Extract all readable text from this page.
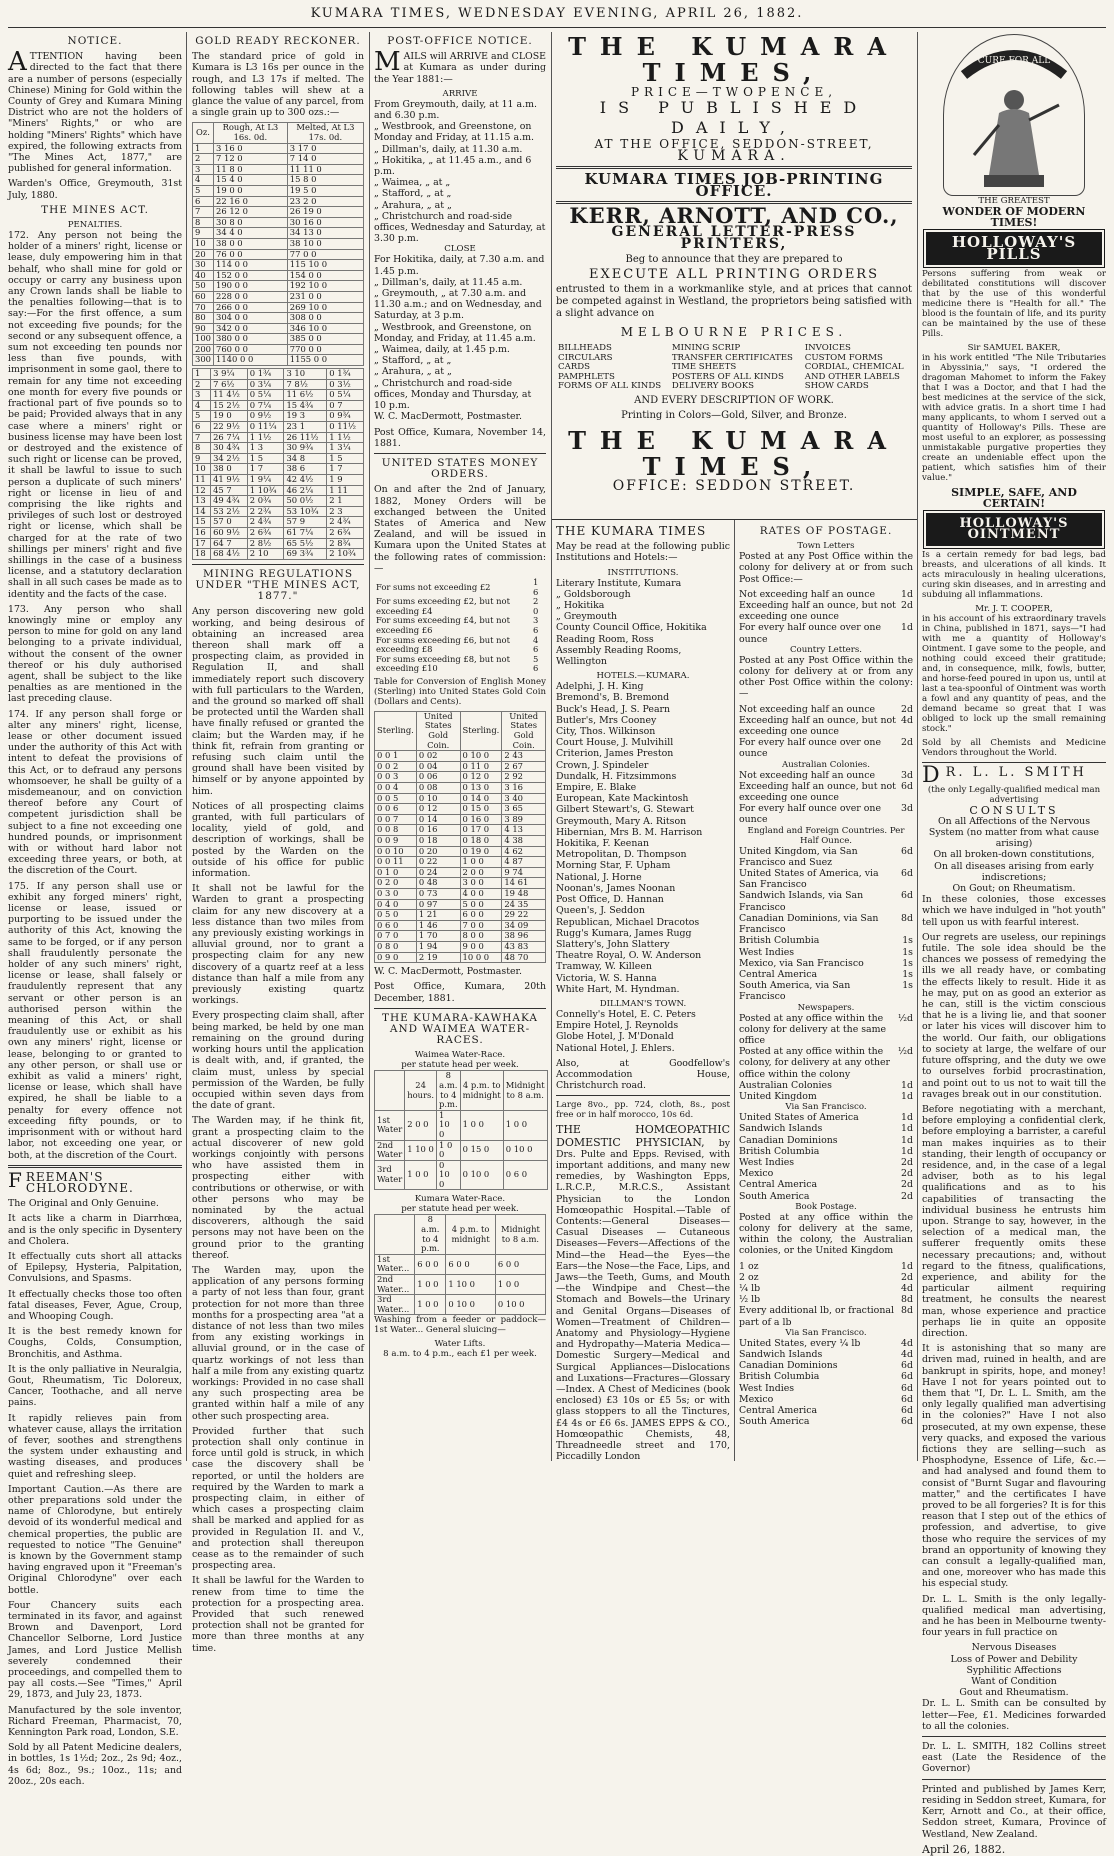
KUMARA TIMES, WEDNESDAY EVENING, APRIL 26, 1882.
NOTICE.

ATTENTION having been directed to the fact that there are a number of persons (especially Chinese) Mining for Gold within the County of Grey and Kumara Mining District who are not the holders of "Miners' Rights," or who are holding "Miners' Rights" which have expired, the following extracts from "The Mines Act, 1877," are published for general information.

Warden's Office, Greymouth, 31st July, 1880.

THE MINES ACT.
PENALTIES.

172. Any person not being the holder of a miners' right, license or lease, duly empowering him in that behalf, who shall mine for gold or occupy or carry any business upon any Crown lands shall be liable to the penalties following—that is to say:—For the first offence, a sum not exceeding five pounds; for the second or any subsequent offence, a sum not exceeding ten pounds nor less than five pounds, with imprisonment in some gaol, there to remain for any time not exceeding one month for every five pounds or fractional part of five pounds so to be paid; Provided always that in any case where a miners' right or business license may have been lost or destroyed and the existence of such right or license can be proved, it shall be lawful to issue to such person a duplicate of such miners' right or license in lieu of and comprising the like rights and privileges of such lost or destroyed right or license, which shall be charged for at the rate of two shillings per miners' right and five shillings in the case of a business license, and a statutory declaration shall in all such cases be made as to identity and the facts of the case.

173. Any person who shall knowingly mine or employ any person to mine for gold on any land belonging to a private individual, without the consent of the owner thereof or his duly authorised agent, shall be subject to the like penalties as are mentioned in the last preceding clause.

174. If any person shall forge or alter any miners' right, license, lease or other document issued under the authority of this Act with intent to defeat the provisions of this Act, or to defraud any persons whomsoever, he shall be guilty of a misdemeanour, and on conviction thereof before any Court of competent jurisdiction shall be subject to a fine not exceeding one hundred pounds, or imprisonment with or without hard labor not exceeding three years, or both, at the discretion of the Court.

175. If any person shall use or exhibit any forged miners' right, license or lease, issued or purporting to be issued under the authority of this Act, knowing the same to be forged, or if any person shall fraudulently personate the holder of any such miners' right, license or lease, shall falsely or fraudulently represent that any servant or other person is an authorised person within the meaning of this Act, or shall fraudulently use or exhibit as his own any miners' right, license or lease, belonging to or granted to any other person, or shall use or exhibit as valid a miners' right, license or lease, which shall have expired, he shall be liable to a penalty for every offence not exceeding fifty pounds, or to imprisonment with or without hard labor, not exceeding one year, or both, at the discretion of the Court.

FREEMAN'S CHLORODYNE.

The Original and Only Genuine.

It acts like a charm in Diarrhœa, and is the only specific in Dysentery and Cholera.

It effectually cuts short all attacks of Epilepsy, Hysteria, Palpitation, Convulsions, and Spasms.

It effectually checks those too often fatal diseases, Fever, Ague, Croup, and Whooping Cough.

It is the best remedy known for Coughs, Colds, Consumption, Bronchitis, and Asthma.

It is the only palliative in Neuralgia, Gout, Rheumatism, Tic Doloreux, Cancer, Toothache, and all nerve pains.

It rapidly relieves pain from whatever cause, allays the irritation of fever, soothes and strengthens the system under exhausting and wasting diseases, and produces quiet and refreshing sleep.

Important Caution.—As there are other preparations sold under the name of Chlorodyne, but entirely devoid of its wonderful medical and chemical properties, the public are requested to notice "The Genuine" is known by the Government stamp having engraved upon it "Freeman's Original Chlorodyne" over each bottle.

Four Chancery suits each terminated in its favor, and against Brown and Davenport, Lord Chancellor Selborne, Lord Justice James, and Lord Justice Mellish severely condemned their proceedings, and compelled them to pay all costs.—See "Times," April 29, 1873, and July 23, 1873.

Manufactured by the sole inventor, Richard Freeman, Pharmacist, 70, Kennington Park road, London, S.E.

Sold by all Patent Medicine dealers, in bottles, 1s 1½d; 2oz., 2s 9d; 4oz., 4s 6d; 8oz., 9s.; 10oz., 11s; and 20oz., 20s each.

GOLD READY RECKONER.

The standard price of gold in Kumara is L3 16s per ounce in the rough, and L3 17s if melted. The following tables will shew at a glance the value of any parcel, from a single grain up to 300 ozs.:—

Oz.	Rough, At L3 16s. 0d.	Melted, At L3 17s. 0d.
1	3 16 0	3 17 0
2	7 12 0	7 14 0
3	11 8 0	11 11 0
4	15 4 0	15 8 0
5	19 0 0	19 5 0
6	22 16 0	23 2 0
7	26 12 0	26 19 0
8	30 8 0	30 16 0
9	34 4 0	34 13 0
10	38 0 0	38 10 0
20	76 0 0	77 0 0
30	114 0 0	115 10 0
40	152 0 0	154 0 0
50	190 0 0	192 10 0
60	228 0 0	231 0 0
70	266 0 0	269 10 0
80	304 0 0	308 0 0
90	342 0 0	346 10 0
100	380 0 0	385 0 0
200	760 0 0	770 0 0
300	1140 0 0	1155 0 0
1	3 9¼	0 1¾	3 10	0 1¾
2	7 6½	0 3¼	7 8½	0 3½
3	11 4½	0 5¼	11 6½	0 5¼
4	15 2½	0 7¼	15 4¾	0 7
5	19 0	0 9½	19 3	0 9¾
6	22 9½	0 11¼	23 1	0 11½
7	26 7¼	1 1½	26 11½	1 1½
8	30 4¾	1 3	30 9¾	1 3¼
9	34 2½	1 5	34 8	1 5
10	38 0	1 7	38 6	1 7
11	41 9½	1 9¼	42 4½	1 9
12	45 7	1 10¾	46 2¼	1 11
13	49 4¾	2 0¾	50 0½	2 1
14	53 2½	2 2¾	53 10¾	2 3
15	57 0	2 4¾	57 9	2 4¾
16	60 9½	2 6¾	61 7¼	2 6¾
17	64 7	2 8½	65 5½	2 8¾
18	68 4½	2 10	69 3¾	2 10¾
MINING REGULATIONS UNDER "THE MINES ACT, 1877."

Any person discovering new gold working, and being desirous of obtaining an increased area thereon shall mark off a prospecting claim, as provided in Regulation II, and shall immediately report such discovery with full particulars to the Warden, and the ground so marked off shall be protected until the Warden shall have finally refused or granted the claim; but the Warden may, if he think fit, refrain from granting or refusing such claim until the ground shall have been visited by himself or by anyone appointed by him.

Notices of all prospecting claims granted, with full particulars of locality, yield of gold, and description of workings, shall be posted by the Warden on the outside of his office for public information.

It shall not be lawful for the Warden to grant a prospecting claim for any new discovery at a less distance than two miles from any previously existing workings in alluvial ground, nor to grant a prospecting claim for any new discovery of a quartz reef at a less distance than half a mile from any previously existing quartz workings.

Every prospecting claim shall, after being marked, be held by one man remaining on the ground during working hours until the application is dealt with, and, if granted, the claim must, unless by special permission of the Warden, be fully occupied within seven days from the date of grant.

The Warden may, if he think fit, grant a prospecting claim to the actual discoverer of new gold workings conjointly with persons who have assisted them in prospecting either with contributions or otherwise, or with other persons who may be nominated by the actual discoverers, although the said persons may not have been on the ground prior to the granting thereof.

The Warden may, upon the application of any persons forming a party of not less than four, grant protection for not more than three months for a prospecting area "at a distance of not less than two miles from any existing workings in alluvial ground, or in the case of quartz workings of not less than half a mile from any existing quartz workings: Provided in no case shall any such prospecting area be granted within half a mile of any other such prospecting area.

Provided further that such protection shall only continue in force until gold is struck, in which case the discovery shall be reported, or until the holders are required by the Warden to mark a prospecting claim, in either of which cases a prospecting claim shall be marked and applied for as provided in Regulation II. and V., and protection shall thereupon cease as to the remainder of such prospecting area.

It shall be lawful for the Warden to renew from time to time the protection for a prospecting area. Provided that such renewed protection shall not be granted for more than three months at any time.

POST-OFFICE NOTICE.

MAILS will ARRIVE and CLOSE at Kumara as under during the Year 1881:—

ARRIVE
From Greymouth, daily, at 11 a.m. and 6.30 p.m.
„ Westbrook, and Greenstone, on Monday and Friday, at 11.15 a.m.
„ Dillman's, daily, at 11.30 a.m.
„ Hokitika, „ at 11.45 a.m., and 6 p.m.
„ Waimea, „ at „
„ Stafford, „ at „
„ Arahura, „ at „
„ Christchurch and road-side offices, Wednesday and Saturday, at 3.30 p.m.
CLOSE
For Hokitika, daily, at 7.30 a.m. and 1.45 p.m.
„ Dillman's, daily, at 11.45 a.m.
„ Greymouth, „ at 7.30 a.m. and 11.30 a.m.; and on Wednesday, and Saturday, at 3 p.m.
„ Westbrook, and Greenstone, on Monday, and Friday, at 11.45 a.m.
„ Waimea, daily, at 1.45 p.m.
„ Stafford, „ at „
„ Arahura, „ at „
„ Christchurch and road-side offices, Monday and Thursday, at 10 p.m.

W. C. MacDermott, Postmaster.

Post Office, Kumara, November 14, 1881.

UNITED STATES MONEY ORDERS.

On and after the 2nd of January, 1882, Money Orders will be exchanged between the United States of America and New Zealand, and will be issued in Kumara upon the United States at the following rates of commission:—

For sums not exceeding £2	1 6
For sums exceeding £2, but not exceeding £4	2 0
For sums exceeding £4, but not exceeding £6	3 6
For sums exceeding £6, but not exceeding £8	4 6
For sums exceeding £8, but not exceeding £10	5 6

Table for Conversion of English Money (Sterling) into United States Gold Coin (Dollars and Cents).

Sterling.	United States Gold Coin.	Sterling.	United States Gold Coin.
0 0 1	0 02	0 10 0	2 43
0 0 2	0 04	0 11 0	2 67
0 0 3	0 06	0 12 0	2 92
0 0 4	0 08	0 13 0	3 16
0 0 5	0 10	0 14 0	3 40
0 0 6	0 12	0 15 0	3 65
0 0 7	0 14	0 16 0	3 89
0 0 8	0 16	0 17 0	4 13
0 0 9	0 18	0 18 0	4 38
0 0 10	0 20	0 19 0	4 62
0 0 11	0 22	1 0 0	4 87
0 1 0	0 24	2 0 0	9 74
0 2 0	0 48	3 0 0	14 61
0 3 0	0 73	4 0 0	19 48
0 4 0	0 97	5 0 0	24 35
0 5 0	1 21	6 0 0	29 22
0 6 0	1 46	7 0 0	34 09
0 7 0	1 70	8 0 0	38 96
0 8 0	1 94	9 0 0	43 83
0 9 0	2 19	10 0 0	48 70

W. C. MacDermott, Postmaster.

Post Office, Kumara, 20th December, 1881.

THE KUMARA-KAWHAKA AND WAIMEA WATER-RACES.
Waimea Water-Race.
per statute head per week.
	24 hours.	8 a.m. to 4 p.m.	4 p.m. to midnight	Midnight to 8 a.m.
1st Water	2 0 0	1 10 0	1 0 0	1 0 0
2nd Water	1 10 0	1 0 0	0 15 0	0 10 0
3rd Water	1 0 0	0 10 0	0 10 0	0 6 0
Kumara Water-Race.
per statute head per week.
	8 a.m. to 4 p.m.	4 p.m. to midnight	Midnight to 8 a.m.
1st Water...	6 0 0	6 0 0	6 0 0
2nd Water...	1 0 0	1 10 0	1 0 0
3rd Water...	1 0 0	0 10 0	0 10 0

Washing from a feeder or paddock— 1st Water... General sluicing—

Water Lifts.
8 a.m. to 4 p.m., each £1 per week.
THE KUMARA TIMES,
PRICE—TWOPENCE,
IS PUBLISHED DAILY,
AT THE OFFICE, SEDDON-STREET,
KUMARA.
KUMARA TIMES JOB-PRINTING OFFICE.
KERR, ARNOTT, AND CO.,
GENERAL LETTER-PRESS PRINTERS,
Beg to announce that they are prepared to
EXECUTE ALL PRINTING ORDERS

entrusted to them in a workmanlike style, and at prices that cannot be competed against in Westland, the proprietors being satisfied with a slight advance on

MELBOURNE PRICES.
BILLHEADS	MINING SCRIP	INVOICES
CIRCULARS	TRANSFER CERTIFICATES	CUSTOM FORMS
CARDS	TIME SHEETS	CORDIAL, CHEMICAL
PAMPHLETS	POSTERS OF ALL KINDS	AND OTHER LABELS
FORMS OF ALL KINDS	DELIVERY BOOKS	SHOW CARDS
AND EVERY DESCRIPTION OF WORK.
Printing in Colors—Gold, Silver, and Bronze.
THE KUMARA TIMES,
OFFICE: SEDDON STREET.
THE KUMARA TIMES

May be read at the following public Institutions and Hotels:—

INSTITUTIONS.
Literary Institute, Kumara
„ Goldsborough
„ Hokitika
„ Greymouth
County Council Office, Hokitika
Reading Room, Ross
Assembly Reading Rooms, Wellington
HOTELS.—KUMARA.
Adelphi, J. H. King
Bremond's, B. Bremond
Buck's Head, J. S. Pearn
Butler's, Mrs Cooney
City, Thos. Wilkinson
Court House, J. Mulvihill
Criterion, James Preston
Crown, J. Spindeler
Dundalk, H. Fitzsimmons
Empire, E. Blake
European, Kate Mackintosh
Gilbert Stewart's, G. Stewart
Greymouth, Mary A. Ritson
Hibernian, Mrs B. M. Harrison
Hokitika, F. Keenan
Metropolitan, D. Thompson
Morning Star, F. Upham
National, J. Horne
Noonan's, James Noonan
Post Office, D. Hannan
Queen's, J. Seddon
Republican, Michael Dracotos
Rugg's Kumara, James Rugg
Slattery's, John Slattery
Theatre Royal, O. W. Anderson
Tramway, W. Killeen
Victoria, W. S. Hanna
White Hart, M. Hyndman.
DILLMAN'S TOWN.
Connelly's Hotel, E. C. Peters
Empire Hotel, J. Reynolds
Globe Hotel, J. M'Donald
National Hotel, J. Ehlers.

Also, at Goodfellow's Accommodation House, Christchurch road.

Large 8vo., pp. 724, cloth, 8s., post free or in half morocco, 10s 6d.

THE HOMŒOPATHIC DOMESTIC PHYSICIAN, by Drs. Pulte and Epps. Revised, with important additions, and many new remedies, by Washington Epps, L.R.C.P., M.R.C.S., Assistant Physician to the London Homœopathic Hospital.—Table of Contents:—General Diseases—Casual Diseases — Cutaneous Diseases—Fevers—Affections of the Mind—the Head—the Eyes—the Ears—the Nose—the Face, Lips, and Jaws—the Teeth, Gums, and Mouth—the Windpipe and Chest—the Stomach and Bowels—the Urinary and Genital Organs—Diseases of Women—Treatment of Children—Anatomy and Physiology—Hygiene and Hydropathy—Materia Medica—Domestic Surgery—Medical and Surgical Appliances—Dislocations and Luxations—Fractures—Glossary—Index. A Chest of Medicines (book enclosed) £3 10s or £5 5s; or with glass stoppers to all the Tinctures, £4 4s or £6 6s. JAMES EPPS & CO., Homœopathic Chemists, 48, Threadneedle street and 170, Piccadilly London

RATES OF POSTAGE.
Town Letters

Posted at any Post Office within the colony for delivery at or from such Post Office:—

Not exceeding half an ounce	1d
Exceeding half an ounce, but not exceeding one ounce
2d
For every half ounce over one ounce
1d
Country Letters.

Posted at any Post Office within the colony for delivery at or from any other Post Office within the colony:—

Not exceeding half an ounce	2d
Exceeding half an ounce, but not exceeding one ounce
4d
For every half ounce over one ounce
2d
Australian Colonies.
Not exceeding half an ounce	3d
Exceeding half an ounce, but not exceeding one ounce
6d
For every half ounce over one ounce
3d
England and Foreign Countries. Per Half Ounce.
United Kingdom, via San Francisco and Suez
6d
United States of America, via San Francisco
6d
Sandwich Islands, via San Francisco
6d
Canadian Dominions, via San Francisco
8d
British Columbia	1s
West Indies	1s
Mexico, via San Francisco	1s
Central America	1s
South America, via San Francisco
1s
Newspapers.
Posted at any office within the colony for delivery at the same office
½d
Posted at any office within the colony, for delivery at any other office within the colony
½d
Australian Colonies	1d
United Kingdom	1d
Via San Francisco.
United States of America	1d
Sandwich Islands	1d
Canadian Dominions	1d
British Columbia	1d
West Indies	2d
Mexico	2d
Central America	2d
South America	2d
Book Postage.

Posted at any office within the colony for delivery at the same, within the colony, the Australian colonies, or the United Kingdom

1 oz	1d
2 oz	2d
¼ lb	4d
½ lb	8d
Every additional lb, or fractional part of a lb
8d
Via San Francisco.
United States, every ¼ lb	4d
Sandwich Islands	4d
Canadian Dominions	6d
British Columbia	6d
West Indies	6d
Mexico	6d
Central America	6d
South America	6d
CURE FOR ALL
THE GREATEST
WONDER OF MODERN TIMES!
HOLLOWAY'S PILLS

Persons suffering from weak or debilitated constitutions will discover that by the use of this wonderful medicine there is "Health for all." The blood is the fountain of life, and its purity can be maintained by the use of these Pills.

Sir SAMUEL BAKER,

in his work entitled "The Nile Tributaries in Abyssinia," says, "I ordered the dragoman Mahomet to inform the Fakey that I was a Doctor, and that I had the best medicines at the service of the sick, with advice gratis. In a short time I had many applicants, to whom I served out a quantity of Holloway's Pills. These are most useful to an explorer, as possessing unmistakable purgative properties they create an undeniable effect upon the patient, which satisfies him of their value."

SIMPLE, SAFE, AND CERTAIN!
HOLLOWAY'S OINTMENT

Is a certain remedy for bad legs, bad breasts, and ulcerations of all kinds. It acts miraculously in healing ulcerations, curing skin diseases, and in arresting and subduing all inflammations.

Mr. J. T. COOPER,

in his account of his extraordinary travels in China, published in 1871, says—"I had with me a quantity of Holloway's Ointment. I gave some to the people, and nothing could exceed their gratitude; and, in consequence, milk, fowls, butter, and horse-feed poured in upon us, until at last a tea-spoonful of Ointment was worth a fowl and any quantity of peas, and the demand became so great that I was obliged to lock up the small remaining stock."

Sold by all Chemists and Medicine Vendors throughout the World.

D R. L. L. SMITH
(the only Legally-qualified medical man advertising
CONSULTS
On all Affections of the Nervous System (no matter from what cause arising)
On all broken-down constitutions,
On all diseases arising from early indiscretions;
On Gout; on Rheumatism.

In these colonies, those excesses which we have indulged in "hot youth" tell upon us with fearful interest.

Our regrets are useless, our repinings futile. The sole idea should be the chances we possess of remedying the ills we all ready have, or combating the effects likely to result. Hide it as he may, put on as good an exterior as he can, still is the victim conscious that he is a living lie, and that sooner or later his vices will discover him to the world. Our faith, our obligations to society at large, the welfare of our future offspring, and the duty we owe to ourselves forbid procrastination, and point out to us not to wait till the ravages break out in our constitution.

Before negotiating with a merchant, before employing a confidential clerk, before employing a barrister, a careful man makes inquiries as to their standing, their length of occupancy or residence, and, in the case of a legal adviser, both as to his legal qualifications and as to his capabilities of transacting the individual business he entrusts him upon. Strange to say, however, in the selection of a medical man, the sufferer frequently omits these necessary precautions; and, without regard to the fitness, qualifications, experience, and ability for the particular ailment requiring treatment, he consults the nearest man, whose experience and practice perhaps lie in quite an opposite direction.

It is astonishing that so many are driven mad, ruined in health, and are bankrupt in spirits, hope, and money! Have I not for years pointed out to them that "I, Dr. L. L. Smith, am the only legally qualified man advertising in the colonies?" Have I not also prosecuted, at my own expense, these very quacks, and exposed the various fictions they are selling—such as Phosphodyne, Essence of Life, &c.—and had analysed and found them to consist of "Burnt Sugar and flavouring matter," and the certificates I have proved to be all forgeries? It is for this reason that I step out of the ethics of profession, and advertise, to give those who require the services of my brand an opportunity of knowing they can consult a legally-qualified man, and one, moreover who has made this his especial study.

Dr. L. L. Smith is the only legally-qualified medical man advertising, and he has been in Melbourne twenty-four years in full practice on

Nervous Diseases
Loss of Power and Debility
Syphilitic Affections
Want of Condition
Gout and Rheumatism.

Dr. L. L. Smith can be consulted by letter—Fee, £1. Medicines forwarded to all the colonies.

Dr. L. L. SMITH, 182 Collins street east (Late the Residence of the Governor)

Printed and published by James Kerr, residing in Seddon street, Kumara, for Kerr, Arnott and Co., at their office, Seddon street, Kumara, Province of Westland, New Zealand.

April 26, 1882.
